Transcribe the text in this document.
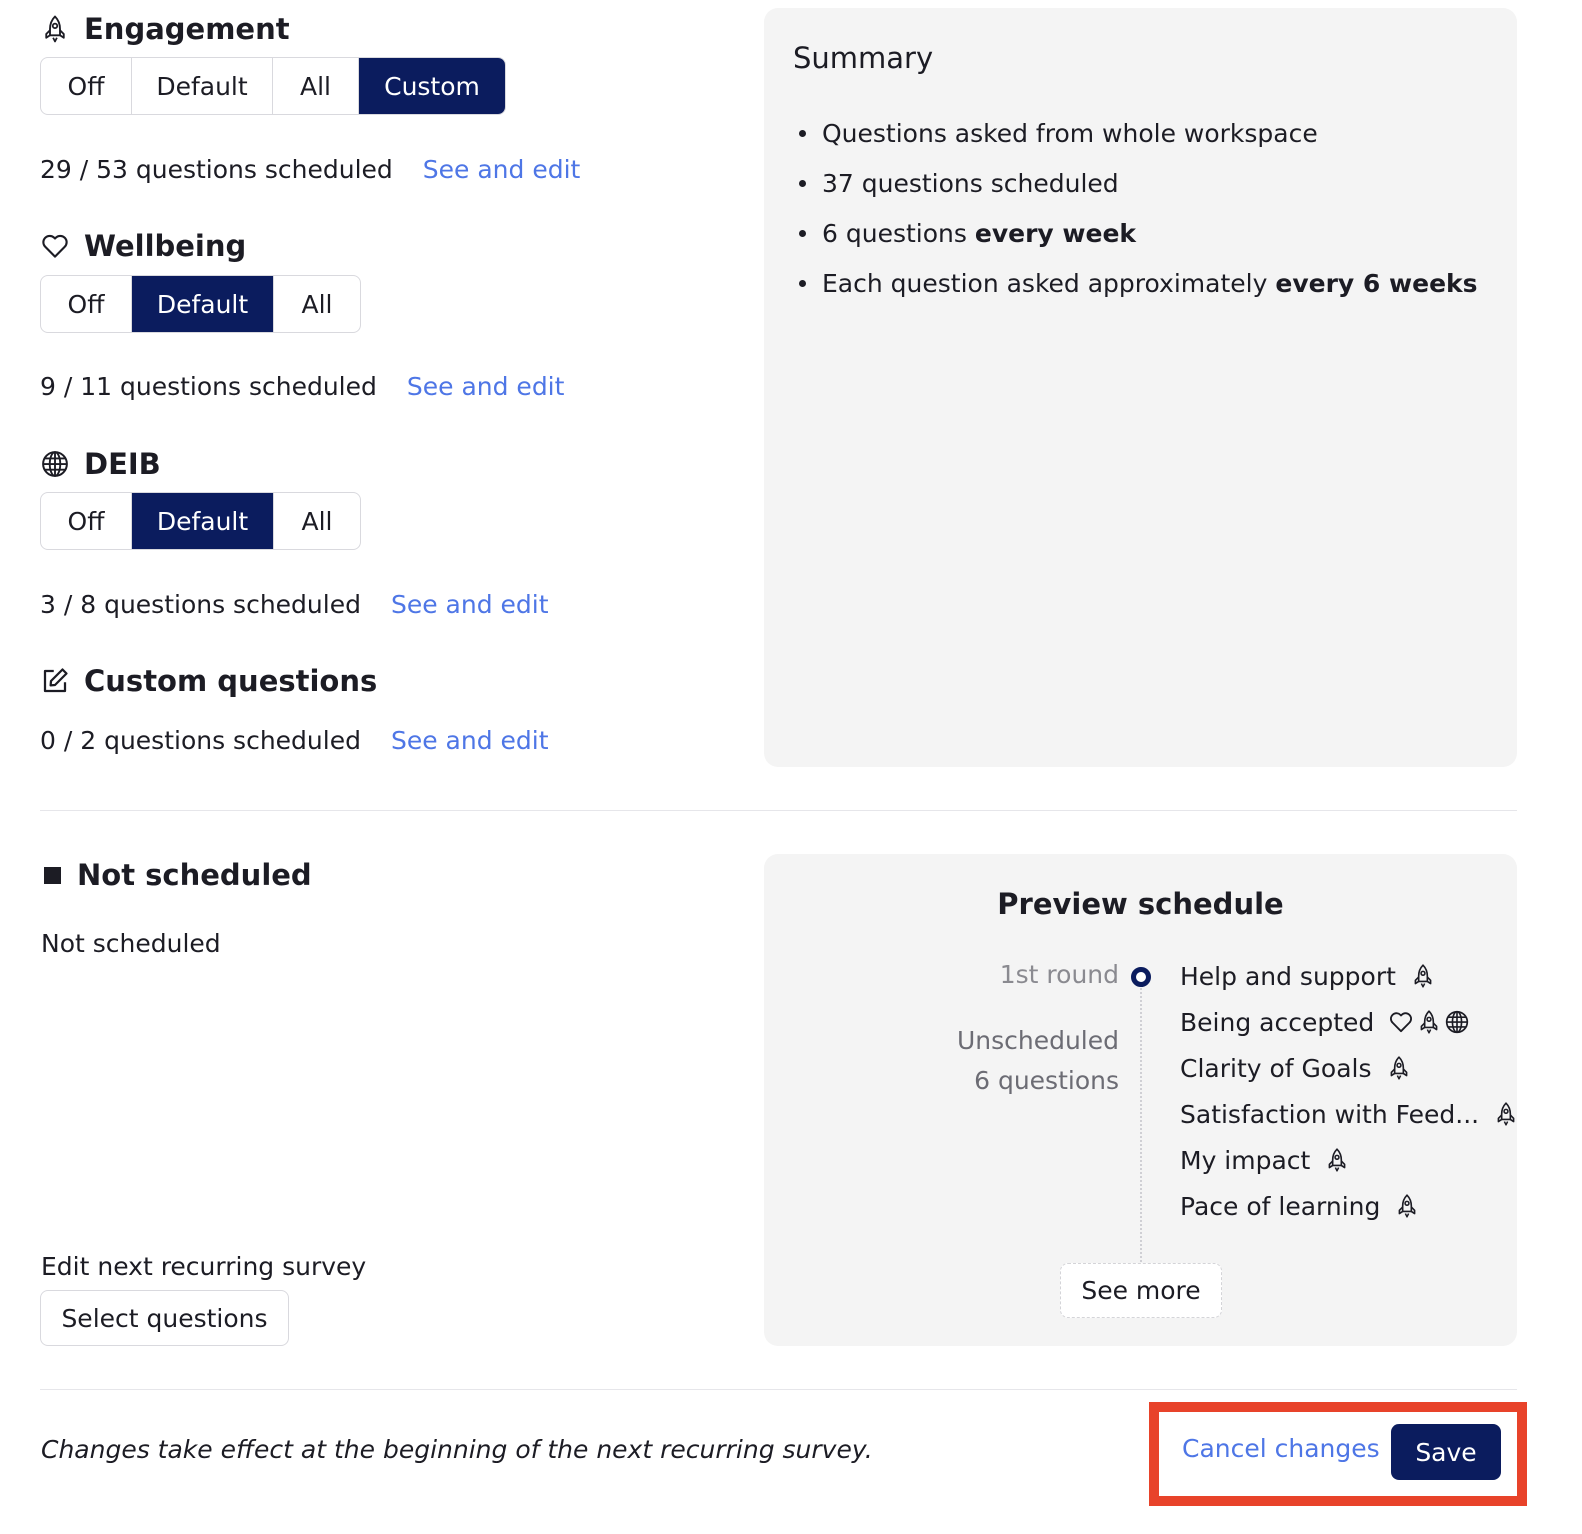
Engagement
Off	Default	All	Custom
29 / 53 questions scheduled See and edit
Wellbeing
Off	Default	All
9 / 11 questions scheduled See and edit
DEIB
Off	Default	All
3 / 8 questions scheduled See and edit
Custom questions
0 / 2 questions scheduled See and edit
Summary
Questions asked from whole workspace
37 questions scheduled
6 questions every week
Each question asked approximately every 6 weeks
Not scheduled
Not scheduled
Edit next recurring survey
Select questions
Preview schedule
1st round
Unscheduled
6 questions
Help and support
Being accepted
Clarity of Goals
Satisfaction with Feed...
My impact
Pace of learning
See more
Changes take effect at the beginning of the next recurring survey.	Cancel changes	Save
